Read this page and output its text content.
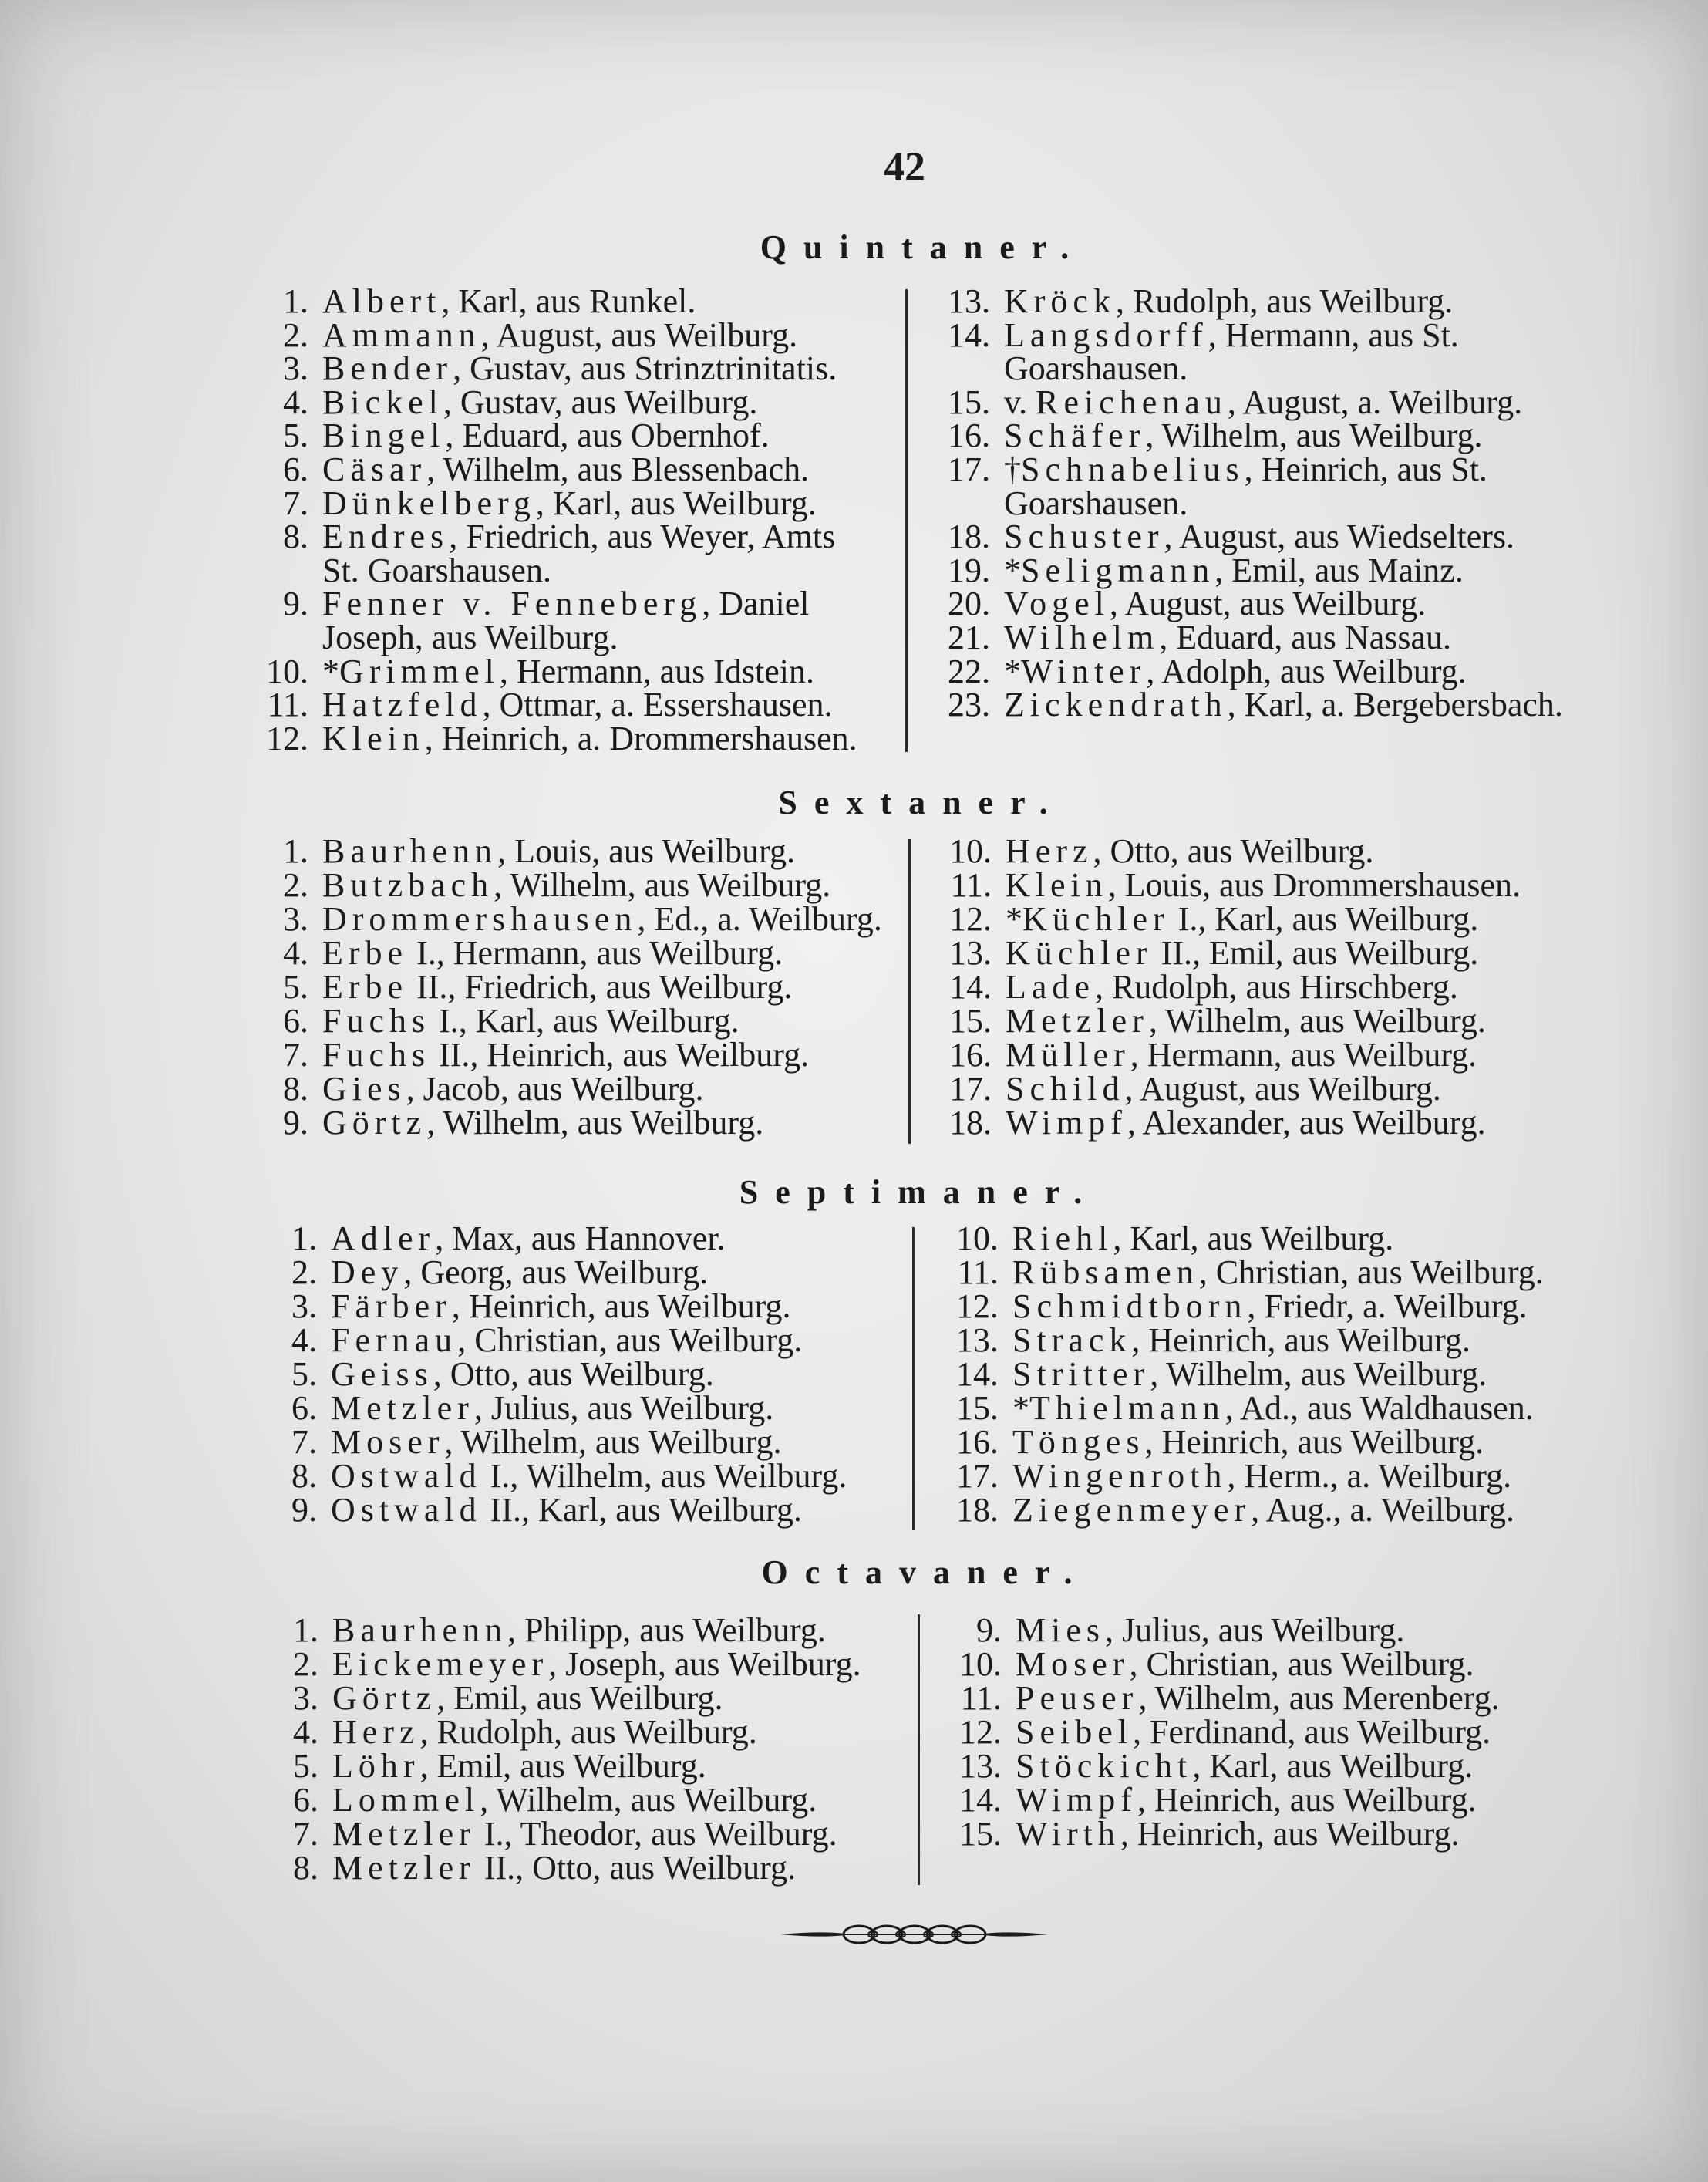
42
Quintaner.
1. Albert, Karl, aus Runkel.
2. Ammann, August, aus Weilburg.
3. Bender, Gustav, aus Strinztrinitatis.
4. Bickel, Gustav, aus Weilburg.
5. Bingel, Eduard, aus Obernhof.
6. Cäsar, Wilhelm, aus Blessenbach.
7. Dünkelberg, Karl, aus Weilburg.
8. Endres, Friedrich, aus Weyer, Amts
St. Goarshausen.
9. Fenner v. Fenneberg, Daniel
Joseph, aus Weilburg.
10. *Grimmel, Hermann, aus Idstein.
11. Hatzfeld, Ottmar, a. Essershausen.
12. Klein, Heinrich, a. Drommershausen.
13. Kröck, Rudolph, aus Weilburg.
14. Langsdorff, Hermann, aus St.
Goarshausen.
15. v. Reichenau, August, a. Weilburg.
16. Schäfer, Wilhelm, aus Weilburg.
17. †Schnabelius, Heinrich, aus St.
Goarshausen.
18. Schuster, August, aus Wiedselters.
19. *Seligmann, Emil, aus Mainz.
20. Vogel, August, aus Weilburg.
21. Wilhelm, Eduard, aus Nassau.
22. *Winter, Adolph, aus Weilburg.
23. Zickendrath, Karl, a. Bergebersbach.
Sextaner.
1. Baurhenn, Louis, aus Weilburg.
2. Butzbach, Wilhelm, aus Weilburg.
3. Drommershausen, Ed., a. Weilburg.
4. Erbe I., Hermann, aus Weilburg.
5. Erbe II., Friedrich, aus Weilburg.
6. Fuchs I., Karl, aus Weilburg.
7. Fuchs II., Heinrich, aus Weilburg.
8. Gies, Jacob, aus Weilburg.
9. Görtz, Wilhelm, aus Weilburg.
10. Herz, Otto, aus Weilburg.
11. Klein, Louis, aus Drommershausen.
12. *Küchler I., Karl, aus Weilburg.
13. Küchler II., Emil, aus Weilburg.
14. Lade, Rudolph, aus Hirschberg.
15. Metzler, Wilhelm, aus Weilburg.
16. Müller, Hermann, aus Weilburg.
17. Schild, August, aus Weilburg.
18. Wimpf, Alexander, aus Weilburg.
Septimaner.
1. Adler, Max, aus Hannover.
2. Dey, Georg, aus Weilburg.
3. Färber, Heinrich, aus Weilburg.
4. Fernau, Christian, aus Weilburg.
5. Geiss, Otto, aus Weilburg.
6. Metzler, Julius, aus Weilburg.
7. Moser, Wilhelm, aus Weilburg.
8. Ostwald I., Wilhelm, aus Weilburg.
9. Ostwald II., Karl, aus Weilburg.
10. Riehl, Karl, aus Weilburg.
11. Rübsamen, Christian, aus Weilburg.
12. Schmidtborn, Friedr, a. Weilburg.
13. Strack, Heinrich, aus Weilburg.
14. Stritter, Wilhelm, aus Weilburg.
15. *Thielmann, Ad., aus Waldhausen.
16. Tönges, Heinrich, aus Weilburg.
17. Wingenroth, Herm., a. Weilburg.
18. Ziegenmeyer, Aug., a. Weilburg.
Octavaner.
1. Baurhenn, Philipp, aus Weilburg.
2. Eickemeyer, Joseph, aus Weilburg.
3. Görtz, Emil, aus Weilburg.
4. Herz, Rudolph, aus Weilburg.
5. Löhr, Emil, aus Weilburg.
6. Lommel, Wilhelm, aus Weilburg.
7. Metzler I., Theodor, aus Weilburg.
8. Metzler II., Otto, aus Weilburg.
9. Mies, Julius, aus Weilburg.
10. Moser, Christian, aus Weilburg.
11. Peuser, Wilhelm, aus Merenberg.
12. Seibel, Ferdinand, aus Weilburg.
13. Stöckicht, Karl, aus Weilburg.
14. Wimpf, Heinrich, aus Weilburg.
15. Wirth, Heinrich, aus Weilburg.
